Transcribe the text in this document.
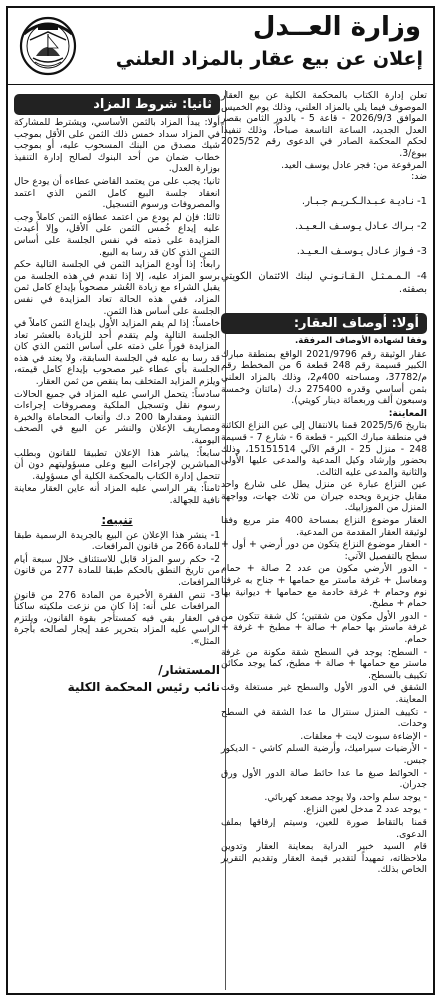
وزارة العــدل
إعلان عن بيع عقار بالمزاد العلني

تعلن إدارة الكتاب بالمحكمة الكلية عن بيع العقار الموصوف فيما يلي بالمزاد العلني، وذلك يوم الخميس الموافق 2026/9/3 - قاعة 5 - بالدور الثامن بقصر العدل الجديد، الساعة التاسعة صباحاً، وذلك تنفيذاً لحكم المحكمة الصادر في الدعوى رقم 2025/52 بيوع/3.
المرفوعة من: فجر عادل يوسف العيد.
ضد:

1- نـاديـة عـبـدالـكـريـم جـبـار.

2- بـراك عـادل يـوسـف الـعـيـد.

3- فـواز عـادل يـوسـف الـعـيـد.

4- الـمـمـثـل الـقـانـونـي لبنك الائتمان الكويتي بصفته.

أولا: أوصاف العقار:

وفقا لشهادة الأوصاف المرفقة.

عقار الوثيقة رقم 2021/9796 الواقع بمنطقة مبارك الكبير قسيمة رقم 248 قطعة 6 من المخطط رقم م/37782، ومساحته 400م2، وذلك بالمزاد العلني بثمن أساسي وقدره 275400 د.ك (مائتان وخمسة وسبعون ألف وربعمائة دينار كويتي).

المعاينة:

بتاريخ 2025/5/6 قمنا بالانتقال إلى عين النزاع الكائنة في منطقة مبارك الكبير - قطعة 6 - شارع 7 - قسيمة 248 - منزل 25 - الرقم الآلي 15151514، وذلك بحضور وإرشاد وكيل المدعية والمدعى عليها الأولى والثانية والمدعى عليه الثالث.

عين النزاع عبارة عن منزل يطل على شارع واحد مقابل جزيرة ويحده جيران من ثلاث جهات، وواجهة المنزل من الموزاييك.

العقار موضوع النزاع بمساحة 400 متر مربع وفقا لوثيقة العقار المقدمة من المدعية.

- العقار موضوع النزاع يتكون من دور أرضي + أول + سطح بالتفصيل الآتي:

- الدور الأرضي مكون من عدد 2 صالة + حمام ومغاسل + غرفة ماستر مع حمامها + جناح به غرفتا نوم وحمام + غرفة خادمة مع حمامها + ديوانية بها حمام + مطبخ.

- الدور الأول مكون من شقتين؛ كل شقة تتكون من غرفة ماستر بها حمام + صالة + مطبخ + غرفة + حمام.

- السطح: يوجد في السطح شقة مكونة من غرفة ماستر مع حمامها + صالة + مطبخ، كما يوجد مكائن تكييف بالسطح.

الشقق في الدور الأول والسطح غير مستغلة وقت المعاينة.

- تكييف المنزل سنترال ما عدا الشقة في السطح وحدات.

- الإضاءة سبوت لايت + معلقات.

- الأرضيات سيراميك، وأرضية السلم كاشي - الديكور جبس.

- الحوائط صبغ ما عدا حائط صالة الدور الأول ورق جدران.

- يوجد سلم واحد، ولا يوجد مصعد كهربائي.

- يوجد عدد 2 مدخل لعين النزاع.

قمنا بالتقاط صورة للعين، وسيتم إرفاقها بملف الدعوى.

قام السيد خبير الدراية بمعاينة العقار وتدوين ملاحظاته، تمهيداً لتقدير قيمة العقار وتقديم التقرير الخاص بذلك.

ثانيا: شروط المزاد

أولا: يبدأ المزاد بالثمن الأساسي، ويشترط للمشاركة في المزاد سداد خمس ذلك الثمن على الأقل بموجب شيك مصدق من البنك المسحوب عليه، أو بموجب خطاب ضمان من أحد البنوك لصالح إدارة التنفيذ بوزارة العدل.

ثانيا: يجب على من يعتمد القاضي عطاءه أن يودع حال انعقاد جلسة البيع كامل الثمن الذي اعتمد والمصروفات ورسوم التسجيل.

ثالثا: فإن لم يودع من اعتمد عطاؤه الثمن كاملاً وجب عليه إيداع خُمس الثمن على الأقل، وإلا أعيدت المزايدة على ذمته في نفس الجلسة على أساس الثمن الذي كان قد رسا به البيع.

رابعاً: إذا أودع المزايد الثمن في الجلسة التالية حكم برسو المزاد عليه، إلا إذا تقدم في هذه الجلسة من يقبل الشراء مع زيادة العُشر مصحوباً بإيداع كامل ثمن المزاد، ففي هذه الحالة تعاد المزايدة في نفس الجلسة على أساس هذا الثمن.

خامساً: إذا لم يقم المزايد الأول بإيداع الثمن كاملاً في الجلسة التالية ولم يتقدم أحد للزيادة بالعشر تعاد المزايدة فوراً على ذمته على أساس الثمن الذي كان قد رسا به عليه في الجلسة السابقة، ولا يعتد في هذه الجلسة بأي عطاء غير مصحوب بإيداع كامل قيمته، ويلزم المزايد المتخلف بما ينقص من ثمن العقار.

سادساً: يتحمل الراسي عليه المزاد في جميع الحالات رسوم نقل وتسجيل الملكية ومصروفات إجراءات التنفيذ ومقدارها 200 د.ك وأتعاب المحاماة والخبرة ومصاريف الإعلان والنشر عن البيع في الصحف اليومية.

سابعاً: يباشر هذا الإعلان تطبيقا للقانون وبطلب المباشرين لإجراءات البيع وعلى مسؤوليتهم دون أن تتحمل إدارة الكتاب بالمحكمة الكلية أي مسؤولية.

ثامناً: يقر الراسي عليه المزاد أنه عاين العقار معاينة نافية للجهالة.

تنبيه:

1- ينشر هذا الإعلان عن البيع بالجريدة الرسمية طبقا للمادة 266 من قانون المرافعات.

2- حكم رسو المزاد قابل للاستئناف خلال سبعة أيام من تاريخ النطق بالحكم طبقا للمادة 277 من قانون المرافعات.

3- تنص الفقرة الأخيرة من المادة 276 من قانون المرافعات على أنه: إذا كان من نزعت ملكيته ساكناً في العقار بقي فيه كمستأجر بقوة القانون، ويلتزم الراسي عليه المزاد بتحرير عقد إيجار لصالحه بأجرة المثل».

المستشار/
نائب رئيس المحكمة الكلية
